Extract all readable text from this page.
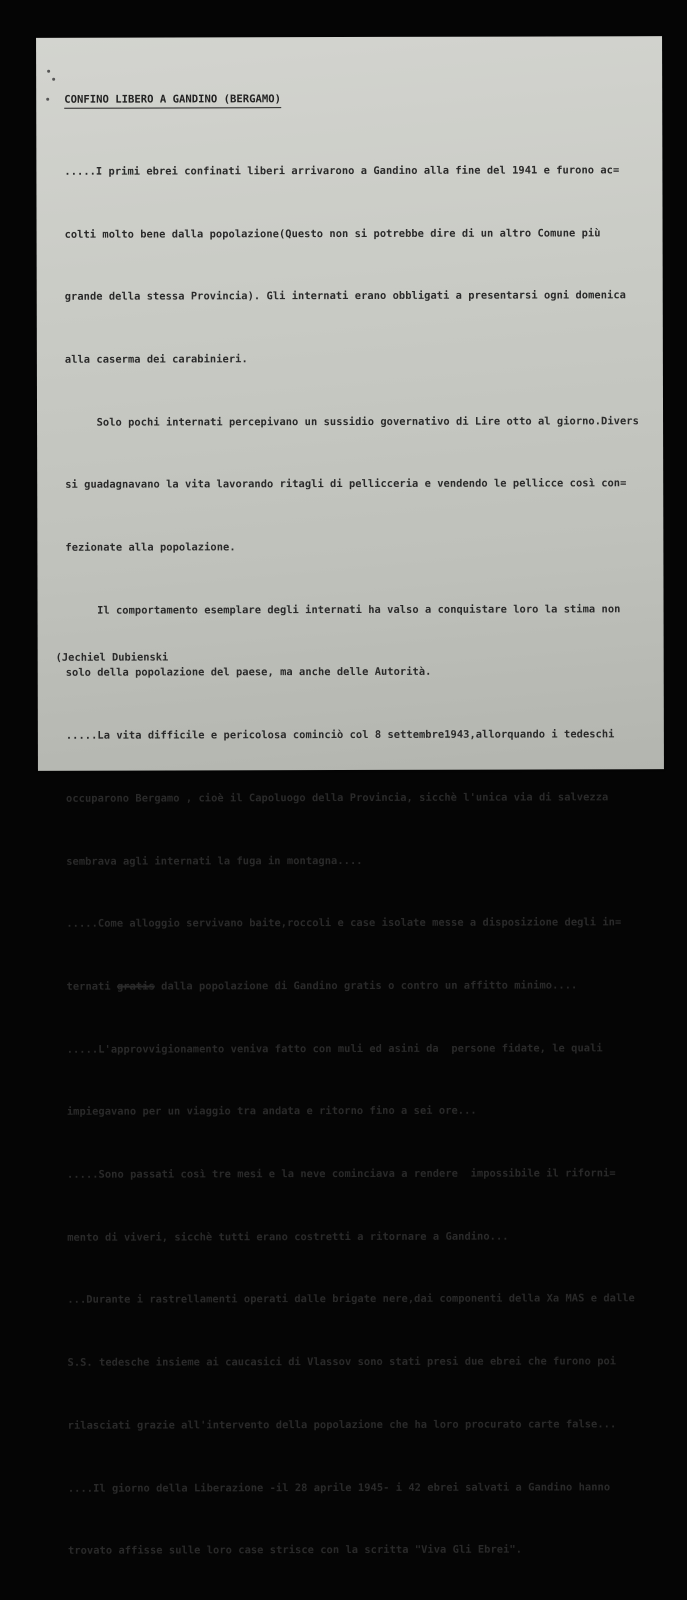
CONFINO LIBERO A GANDINO (BERGAMO)

.....I primi ebrei confinati liberi arrivarono a Gandino alla fine del 1941 e furono ac=

colti molto bene dalla popolazione(Questo non si potrebbe dire di un altro Comune più

grande della stessa Provincia). Gli internati erano obbligati a presentarsi ogni domenica

alla caserma dei carabinieri.

Solo pochi internati percepivano un sussidio governativo di Lire otto al giorno.Divers

si guadagnavano la vita lavorando ritagli di pellicceria e vendendo le pellicce così con=

fezionate alla popolazione.

Il comportamento esemplare degli internati ha valso a conquistare loro la stima non

solo della popolazione del paese, ma anche delle Autorità.

.....La vita difficile e pericolosa cominciò col 8 settembre1943,allorquando i tedeschi

occuparono Bergamo , cioè il Capoluogo della Provincia, sicchè l'unica via di salvezza

sembrava agli internati la fuga in montagna....

.....Come alloggio servivano baite,roccoli e case isolate messe a disposizione degli in=

ternati gratis dalla popolazione di Gandino gratis o contro un affitto minimo....

.....L'approvvigionamento veniva fatto con muli ed asini da  persone fidate, le quali

impiegavano per un viaggio tra andata e ritorno fino a sei ore...

.....Sono passati così tre mesi e la neve cominciava a rendere  impossibile il riforni=

mento di viveri, sicchè tutti erano costretti a ritornare a Gandino...

...Durante i rastrellamenti operati dalle brigate nere,dai componenti della Xa MAS e dalle

S.S. tedesche insieme ai caucasici di Vlassov sono stati presi due ebrei che furono poi

rilasciati grazie all'intervento della popolazione che ha loro procurato carte false...

....Il giorno della Liberazione -il 28 aprile 1945- i 42 ebrei salvati a Gandino hanno

trovato affisse sulle loro case strisce con la scritta "Viva Gli Ebrei".

(Jechiel Dubienski
